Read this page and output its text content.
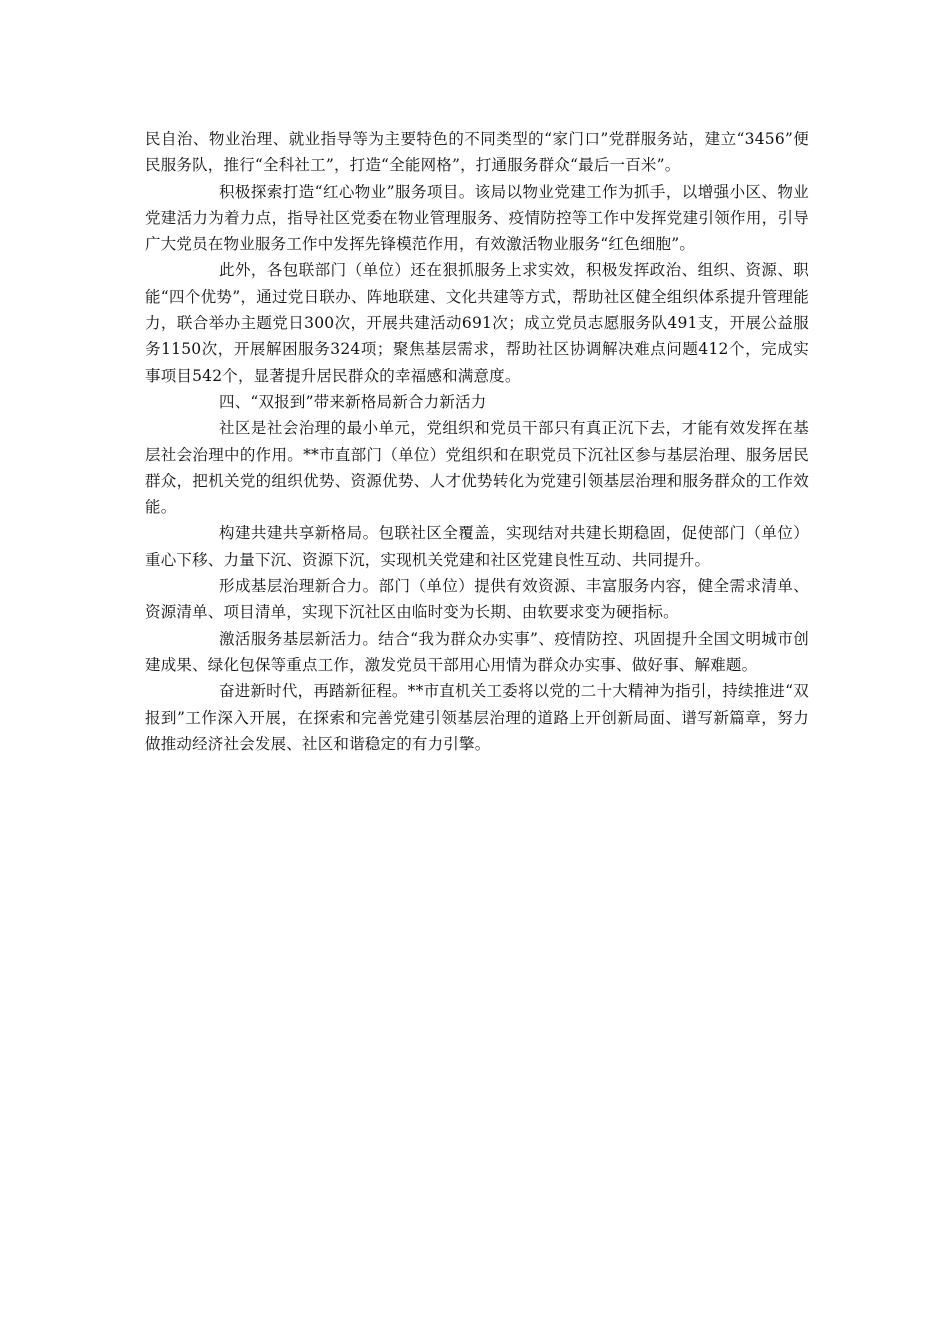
民自治、物业治理、就业指导等为主要特色的不同类型的“家门口”党群服务站，建立“3456”便民服务队，推行“全科社工”，打造“全能网格”，打通服务群众“最后一百米”。

积极探索打造“红心物业”服务项目。该局以物业党建工作为抓手，以增强小区、物业党建活力为着力点，指导社区党委在物业管理服务、疫情防控等工作中发挥党建引领作用，引导广大党员在物业服务工作中发挥先锋模范作用，有效激活物业服务“红色细胞”。

此外，各包联部门（单位）还在狠抓服务上求实效，积极发挥政治、组织、资源、职能“四个优势”，通过党日联办、阵地联建、文化共建等方式，帮助社区健全组织体系提升管理能力，联合举办主题党日300次，开展共建活动691次；成立党员志愿服务队491支，开展公益服务1150次，开展解困服务324项；聚焦基层需求，帮助社区协调解决难点问题412个，完成实事项目542个，显著提升居民群众的幸福感和满意度。

四、“双报到”带来新格局新合力新活力

社区是社会治理的最小单元，党组织和党员干部只有真正沉下去，才能有效发挥在基层社会治理中的作用。**市直部门（单位）党组织和在职党员下沉社区参与基层治理、服务居民群众，把机关党的组织优势、资源优势、人才优势转化为党建引领基层治理和服务群众的工作效能。

构建共建共享新格局。包联社区全覆盖，实现结对共建长期稳固，促使部门（单位）重心下移、力量下沉、资源下沉，实现机关党建和社区党建良性互动、共同提升。

形成基层治理新合力。部门（单位）提供有效资源、丰富服务内容，健全需求清单、资源清单、项目清单，实现下沉社区由临时变为长期、由软要求变为硬指标。

激活服务基层新活力。结合“我为群众办实事”、疫情防控、巩固提升全国文明城市创建成果、绿化包保等重点工作，激发党员干部用心用情为群众办实事、做好事、解难题。

奋进新时代，再踏新征程。**市直机关工委将以党的二十大精神为指引，持续推进“双报到”工作深入开展，在探索和完善党建引领基层治理的道路上开创新局面、谱写新篇章，努力做推动经济社会发展、社区和谐稳定的有力引擎。
